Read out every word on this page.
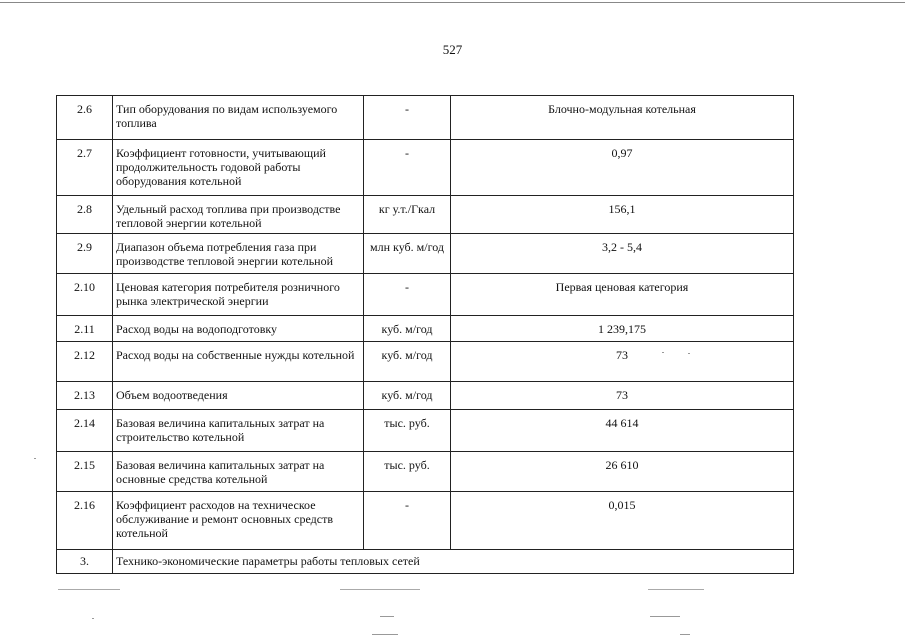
527
2.6	Тип оборудования по видам используемого топлива	-	Блочно-модульная котельная
2.7	Коэффициент готовности, учитывающий продолжительность годовой работы оборудования котельной	-	0,97
2.8	Удельный расход топлива при производстве тепловой энергии котельной	кг у.т./Гкал	156,1
2.9	Диапазон объема потребления газа при производстве тепловой энергии котельной	млн куб. м/год	3,2 - 5,4
2.10	Ценовая категория потребителя розничного рынка электрической энергии	-	Первая ценовая категория
2.11	Расход воды на водоподготовку	куб. м/год	1 239,175
2.12	Расход воды на собственные нужды котельной	куб. м/год	73
2.13	Объем водоотведения	куб. м/год	73
2.14	Базовая величина капитальных затрат на строительство котельной	тыс. руб.	44 614
2.15	Базовая величина капитальных затрат на основные средства котельной	тыс. руб.	26 610
2.16	Коэффициент расходов на техническое обслуживание и ремонт основных средств котельной	-	0,015
3.	Технико-экономические параметры работы тепловых сетей		
